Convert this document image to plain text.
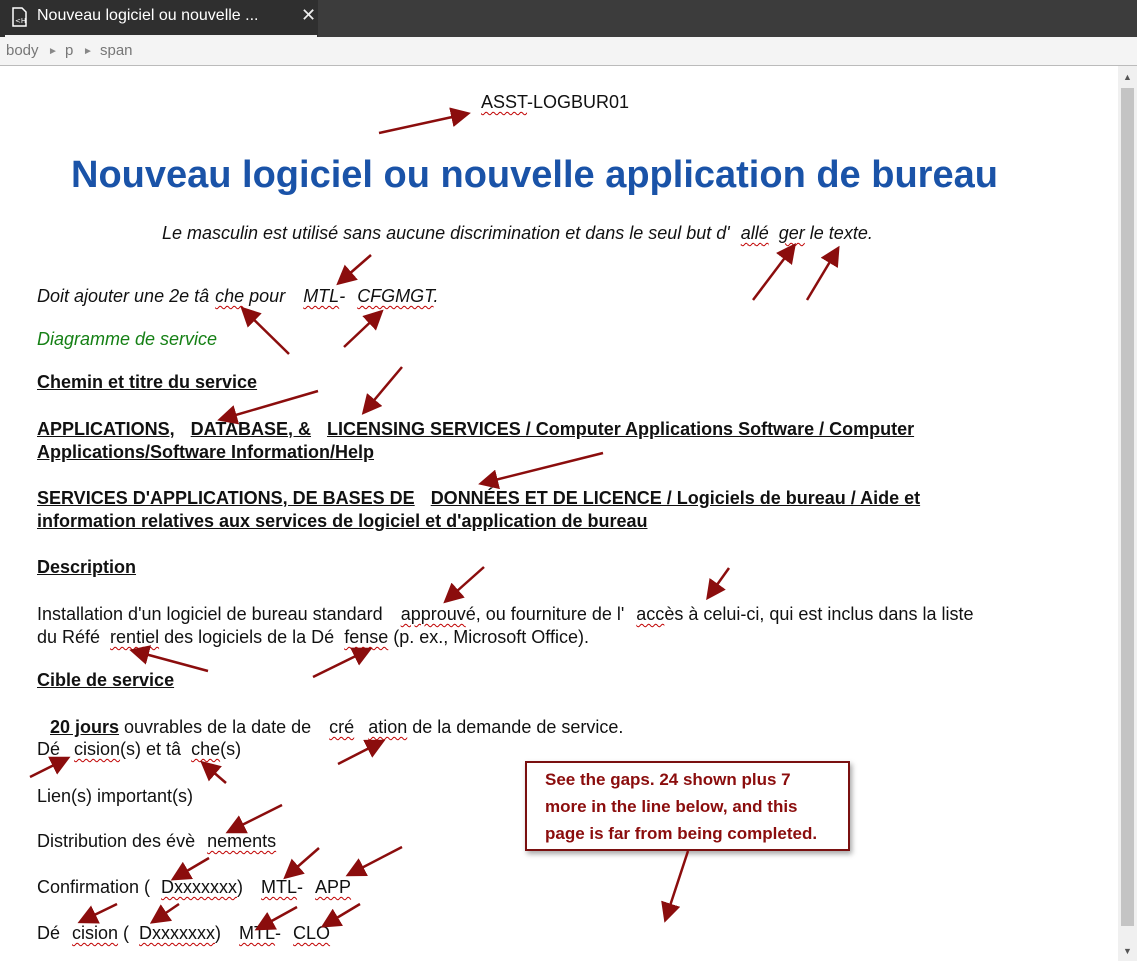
<H Nouveau logiciel ou nouvelle ... ✕
body ► p ► span
ASST-LOGBUR01
Nouveau logiciel ou nouvelle application de bureau
Le masculin est utilisé sans aucune discrimination et dans le seul but d' allé ger le texte.
Doit ajouter une 2e tâ che pour MTL- CFGMGT.
Diagramme de service
Chemin et titre du service
APPLICATIONS, DATABASE, & LICENSING SERVICES / Computer Applications Software / Computer
Applications/Software Information/Help
SERVICES D'APPLICATIONS, DE BASES DE DONNÉES ET DE LICENCE / Logiciels de bureau / Aide et
information relatives aux services de logiciel et d'application de bureau
Description
Installation d'un logiciel de bureau standard approuvé, ou fourniture de l' accès à celui-ci, qui est inclus dans la liste
du Réfé rentiel des logiciels de la Dé fense (p. ex., Microsoft Office).
Cible de service
20 jours ouvrables de la date de cré ation de la demande de service.
Dé cision(s) et tâ che(s)
Lien(s) important(s)
Distribution des évè nements
Confirmation ( Dxxxxxxx) MTL- APP
Dé cision ( Dxxxxxxx) MTL- CLO
▲
▼
See the gaps. 24 shown plus 7 more in the line below, and this page is far from being completed.
